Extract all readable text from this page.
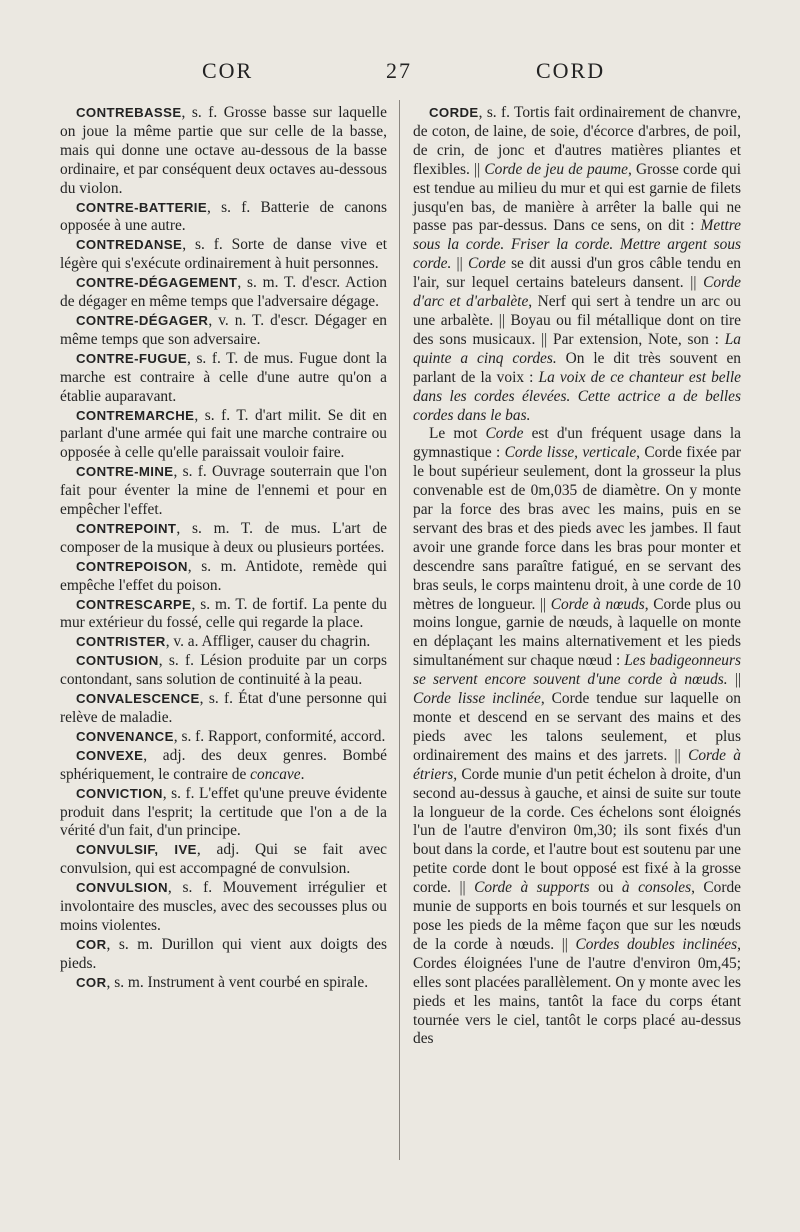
COR	27	CORD

CONTREBASSE, s. f. Grosse basse sur laquelle on joue la même partie que sur celle de la basse, mais qui donne une octave au-dessous de la basse ordinaire, et par conséquent deux octaves au-dessous du violon.

CONTRE-BATTERIE, s. f. Batterie de canons opposée à une autre.

CONTREDANSE, s. f. Sorte de danse vive et légère qui s'exécute ordinairement à huit personnes.

CONTRE-DÉGAGEMENT, s. m. T. d'escr. Action de dégager en même temps que l'adversaire dégage.

CONTRE-DÉGAGER, v. n. T. d'escr. Dégager en même temps que son adversaire.

CONTRE-FUGUE, s. f. T. de mus. Fugue dont la marche est contraire à celle d'une autre qu'on a établie auparavant.

CONTREMARCHE, s. f. T. d'art milit. Se dit en parlant d'une armée qui fait une marche contraire ou opposée à celle qu'elle paraissait vouloir faire.

CONTRE-MINE, s. f. Ouvrage souterrain que l'on fait pour éventer la mine de l'ennemi et pour en empêcher l'effet.

CONTREPOINT, s. m. T. de mus. L'art de composer de la musique à deux ou plusieurs portées.

CONTREPOISON, s. m. Antidote, remède qui empêche l'effet du poison.

CONTRESCARPE, s. m. T. de fortif. La pente du mur extérieur du fossé, celle qui regarde la place.

CONTRISTER, v. a. Affliger, causer du chagrin.

CONTUSION, s. f. Lésion produite par un corps contondant, sans solution de continuité à la peau.

CONVALESCENCE, s. f. État d'une personne qui relève de maladie.

CONVENANCE, s. f. Rapport, conformité, accord.

CONVEXE, adj. des deux genres. Bombé sphériquement, le contraire de concave.

CONVICTION, s. f. L'effet qu'une preuve évidente produit dans l'esprit; la certitude que l'on a de la vérité d'un fait, d'un principe.

CONVULSIF, IVE, adj. Qui se fait avec convulsion, qui est accompagné de convulsion.

CONVULSION, s. f. Mouvement irrégulier et involontaire des muscles, avec des secousses plus ou moins violentes.

COR, s. m. Durillon qui vient aux doigts des pieds.

COR, s. m. Instrument à vent courbé en spirale.

CORDE, s. f. Tortis fait ordinairement de chanvre, de coton, de laine, de soie, d'écorce d'arbres, de poil, de crin, de jonc et d'autres matières pliantes et flexibles. || Corde de jeu de paume, Grosse corde qui est tendue au milieu du mur et qui est garnie de filets jusqu'en bas, de manière à arrêter la balle qui ne passe pas par-dessus. Dans ce sens, on dit : Mettre sous la corde. Friser la corde. Mettre argent sous corde. || Corde se dit aussi d'un gros câble tendu en l'air, sur lequel certains bateleurs dansent. || Corde d'arc et d'arbalète, Nerf qui sert à tendre un arc ou une arbalète. || Boyau ou fil métallique dont on tire des sons musicaux. || Par extension, Note, son : La quinte a cinq cordes. On le dit très souvent en parlant de la voix : La voix de ce chanteur est belle dans les cordes élevées. Cette actrice a de belles cordes dans le bas.

Le mot Corde est d'un fréquent usage dans la gymnastique : Corde lisse, verticale, Corde fixée par le bout supérieur seulement, dont la grosseur la plus convenable est de 0m,035 de diamètre. On y monte par la force des bras avec les mains, puis en se servant des bras et des pieds avec les jambes. Il faut avoir une grande force dans les bras pour monter et descendre sans paraître fatigué, en se servant des bras seuls, le corps maintenu droit, à une corde de 10 mètres de longueur. || Corde à nœuds, Corde plus ou moins longue, garnie de nœuds, à laquelle on monte en déplaçant les mains alternativement et les pieds simultanément sur chaque nœud : Les badigeonneurs se servent encore souvent d'une corde à nœuds. || Corde lisse inclinée, Corde tendue sur laquelle on monte et descend en se servant des mains et des pieds avec les talons seulement, et plus ordinairement des mains et des jarrets. || Corde à étriers, Corde munie d'un petit échelon à droite, d'un second au-dessus à gauche, et ainsi de suite sur toute la longueur de la corde. Ces échelons sont éloignés l'un de l'autre d'environ 0m,30; ils sont fixés d'un bout dans la corde, et l'autre bout est soutenu par une petite corde dont le bout opposé est fixé à la grosse corde. || Corde à supports ou à consoles, Corde munie de supports en bois tournés et sur lesquels on pose les pieds de la même façon que sur les nœuds de la corde à nœuds. || Cordes doubles inclinées, Cordes éloignées l'une de l'autre d'environ 0m,45; elles sont placées parallèlement. On y monte avec les pieds et les mains, tantôt la face du corps étant tournée vers le ciel, tantôt le corps placé au-dessus des
